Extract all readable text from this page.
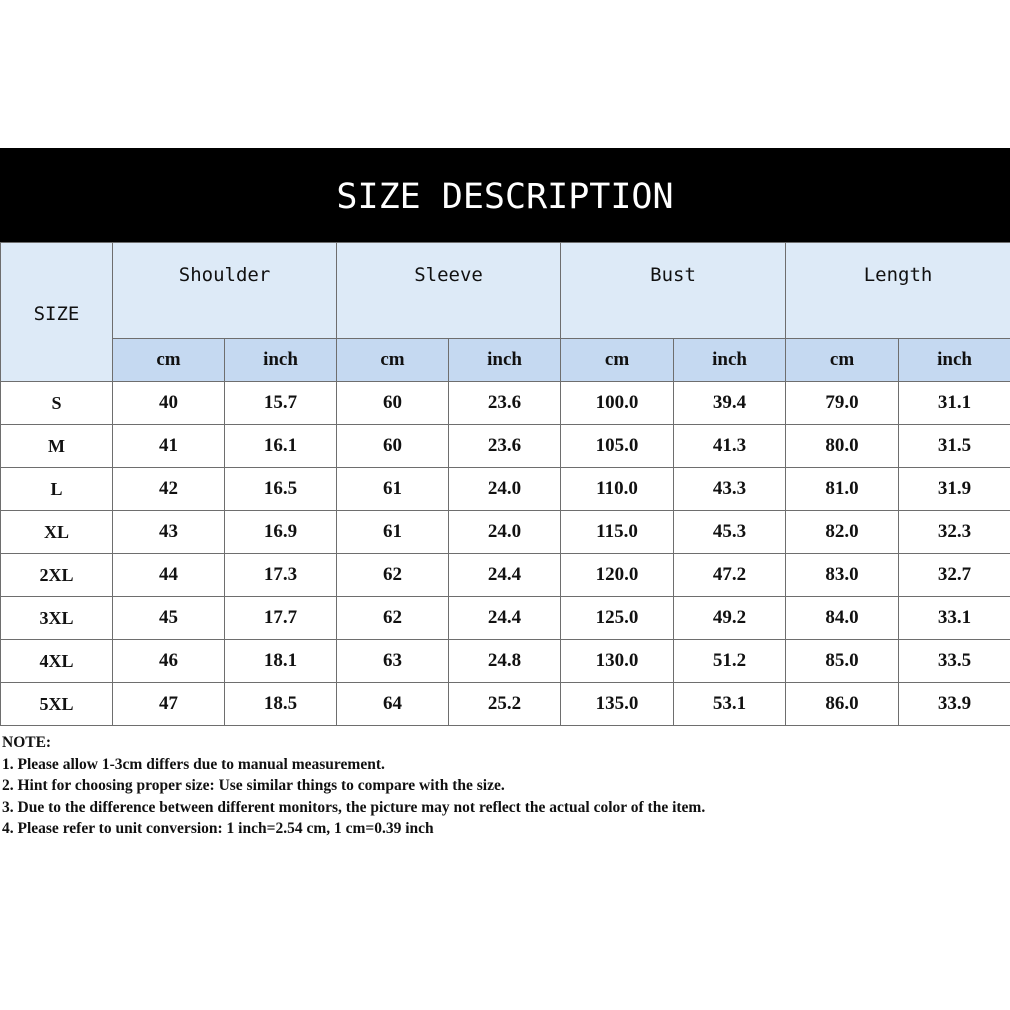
SIZE DESCRIPTION
SIZE	Shoulder		Sleeve		Bust		Length	
	cm	inch	cm	inch	cm	inch	cm	inch
S	40	15.7	60	23.6	100.0	39.4	79.0	31.1
M	41	16.1	60	23.6	105.0	41.3	80.0	31.5
L	42	16.5	61	24.0	110.0	43.3	81.0	31.9
XL	43	16.9	61	24.0	115.0	45.3	82.0	32.3
2XL	44	17.3	62	24.4	120.0	47.2	83.0	32.7
3XL	45	17.7	62	24.4	125.0	49.2	84.0	33.1
4XL	46	18.1	63	24.8	130.0	51.2	85.0	33.5
5XL	47	18.5	64	25.2	135.0	53.1	86.0	33.9
NOTE:
1. Please allow 1-3cm differs due to manual measurement.
2. Hint for choosing proper size: Use similar things to compare with the size.
3. Due to the difference between different monitors, the picture may not reflect the actual color of the item.
4. Please refer to unit conversion: 1 inch=2.54 cm, 1 cm=0.39 inch
